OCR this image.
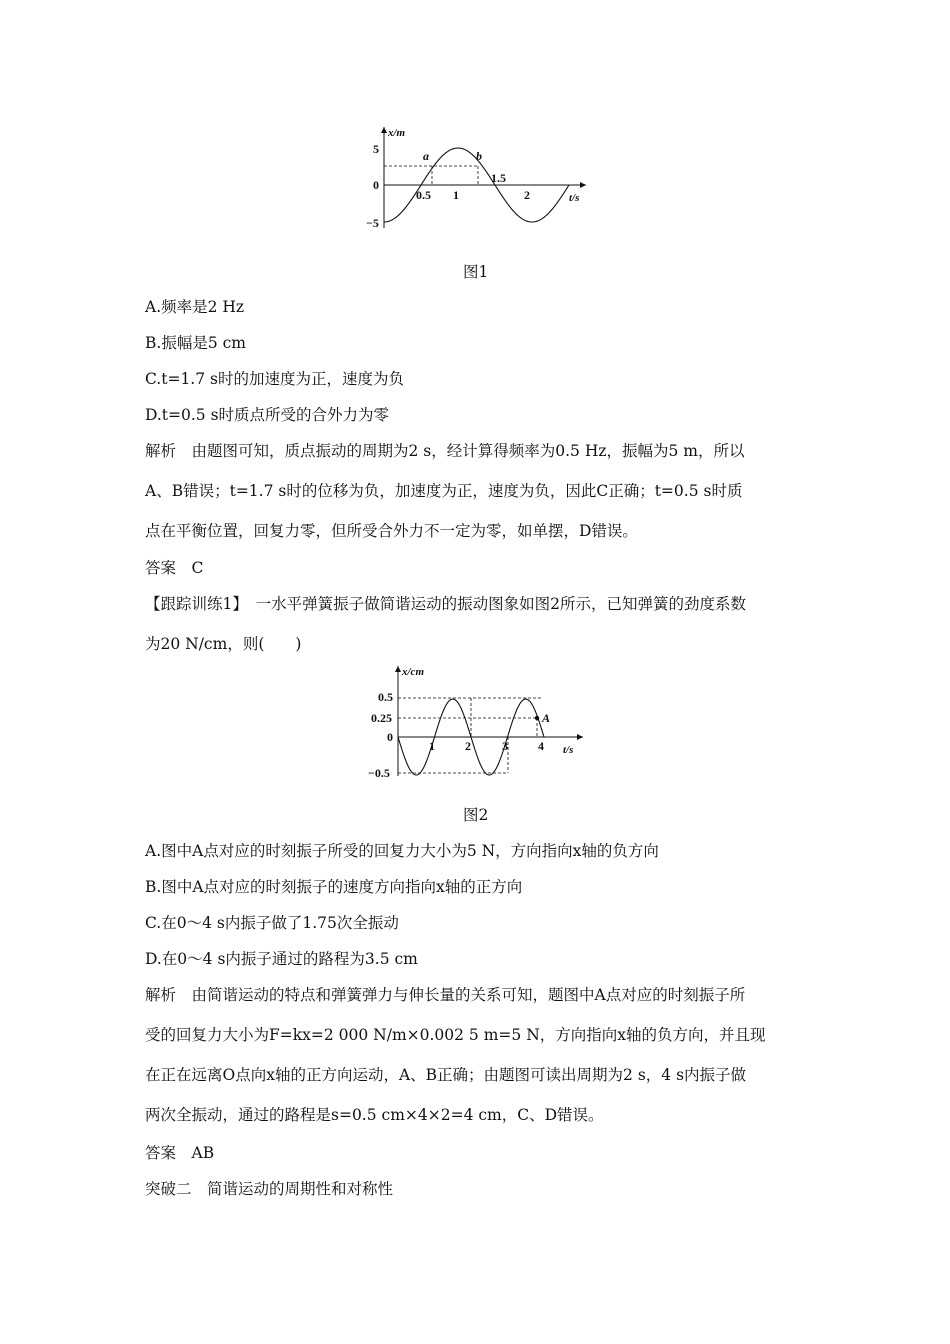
x/m
t/s
5
0
−5
0.5 1
1.5
2
a	b
图1
A.频率是2 Hz
B.振幅是5 cm
C.t=1.7 s时的加速度为正，速度为负
D.t=0.5 s时质点所受的合外力为零
解析　由题图可知，质点振动的周期为2 s，经计算得频率为0.5 Hz，振幅为5 m，所以
A、B错误；t=1.7 s时的位移为负，加速度为正，速度为负，因此C正确；t=0.5 s时质
点在平衡位置，回复力零，但所受合外力不一定为零，如单摆，D错误。
答案　C
【跟踪训练1】　一水平弹簧振子做简谐运动的振动图象如图2所示，已知弹簧的劲度系数
为20 N/cm，则(　　)
x/cm
t/s
0.5
0.25
0
−0.5
1	2	3	4
A
图2
A.图中A点对应的时刻振子所受的回复力大小为5 N，方向指向x轴的负方向
B.图中A点对应的时刻振子的速度方向指向x轴的正方向
C.在0～4 s内振子做了1.75次全振动
D.在0～4 s内振子通过的路程为3.5 cm
解析　由简谐运动的特点和弹簧弹力与伸长量的关系可知，题图中A点对应的时刻振子所
受的回复力大小为F=kx=2 000 N/m×0.002 5 m=5 N，方向指向x轴的负方向，并且现
在正在远离O点向x轴的正方向运动，A、B正确；由题图可读出周期为2 s，4 s内振子做
两次全振动，通过的路程是s=0.5 cm×4×2=4 cm，C、D错误。
答案　AB
突破二　简谐运动的周期性和对称性
